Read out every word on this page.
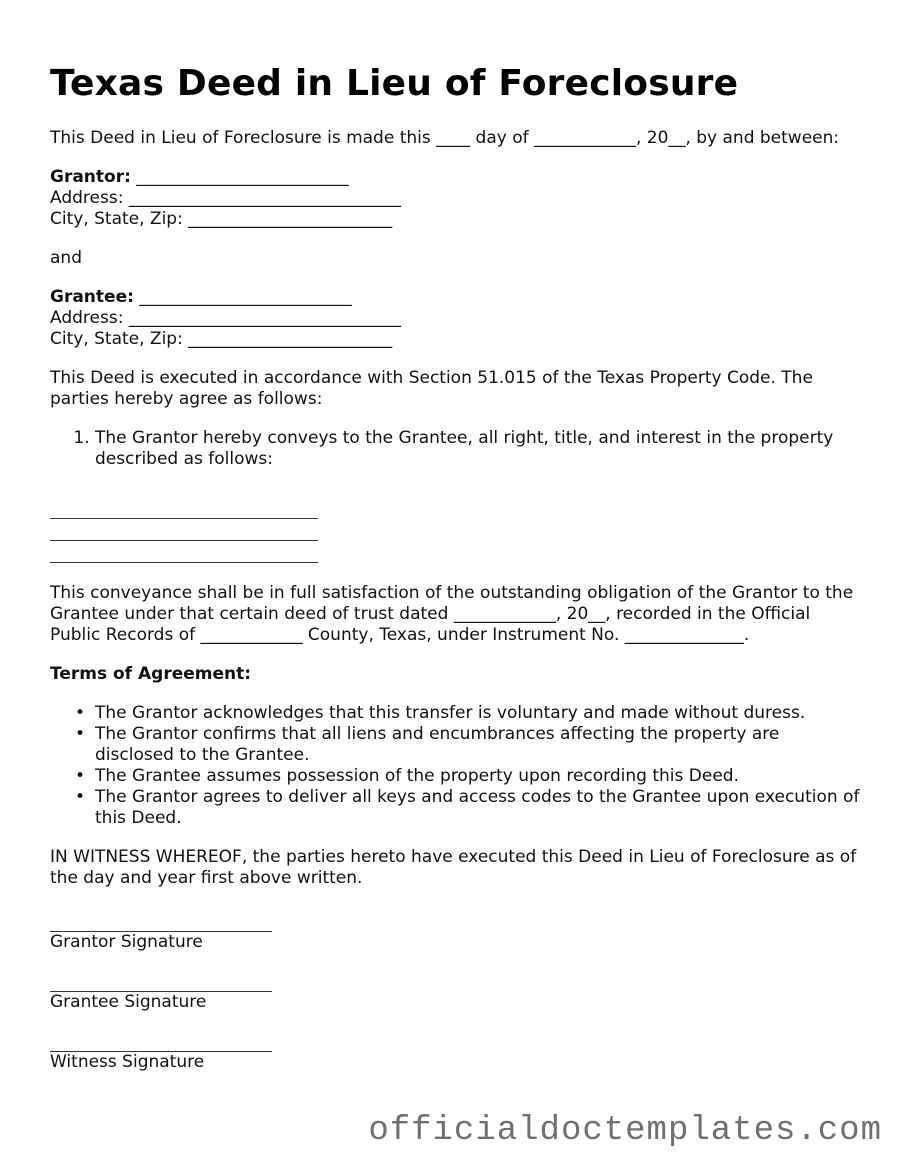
Texas Deed in Lieu of Foreclosure

This Deed in Lieu of Foreclosure is made this ____ day of ____________, 20__, by and between:

Grantor: _________________________
Address: ________________________________
City, State, Zip: ________________________

and

Grantee: _________________________
Address: ________________________________
City, State, Zip: ________________________

This Deed is executed in accordance with Section 51.015 of the Texas Property Code. The parties hereby agree as follows:

1. The Grantor hereby conveys to the Grantee, all right, title, and interest in the property described as follows:

This conveyance shall be in full satisfaction of the outstanding obligation of the Grantor to the Grantee under that certain deed of trust dated ____________, 20__, recorded in the Official Public Records of ____________ County, Texas, under Instrument No. ______________.

Terms of Agreement:

• The Grantor acknowledges that this transfer is voluntary and made without duress.
• The Grantor confirms that all liens and encumbrances affecting the property are disclosed to the Grantee.
• The Grantee assumes possession of the property upon recording this Deed.
• The Grantor agrees to deliver all keys and access codes to the Grantee upon execution of this Deed.

IN WITNESS WHEREOF, the parties hereto have executed this Deed in Lieu of Foreclosure as of the day and year first above written.

Grantor Signature
Grantee Signature
Witness Signature
officialdoctemplates.com
